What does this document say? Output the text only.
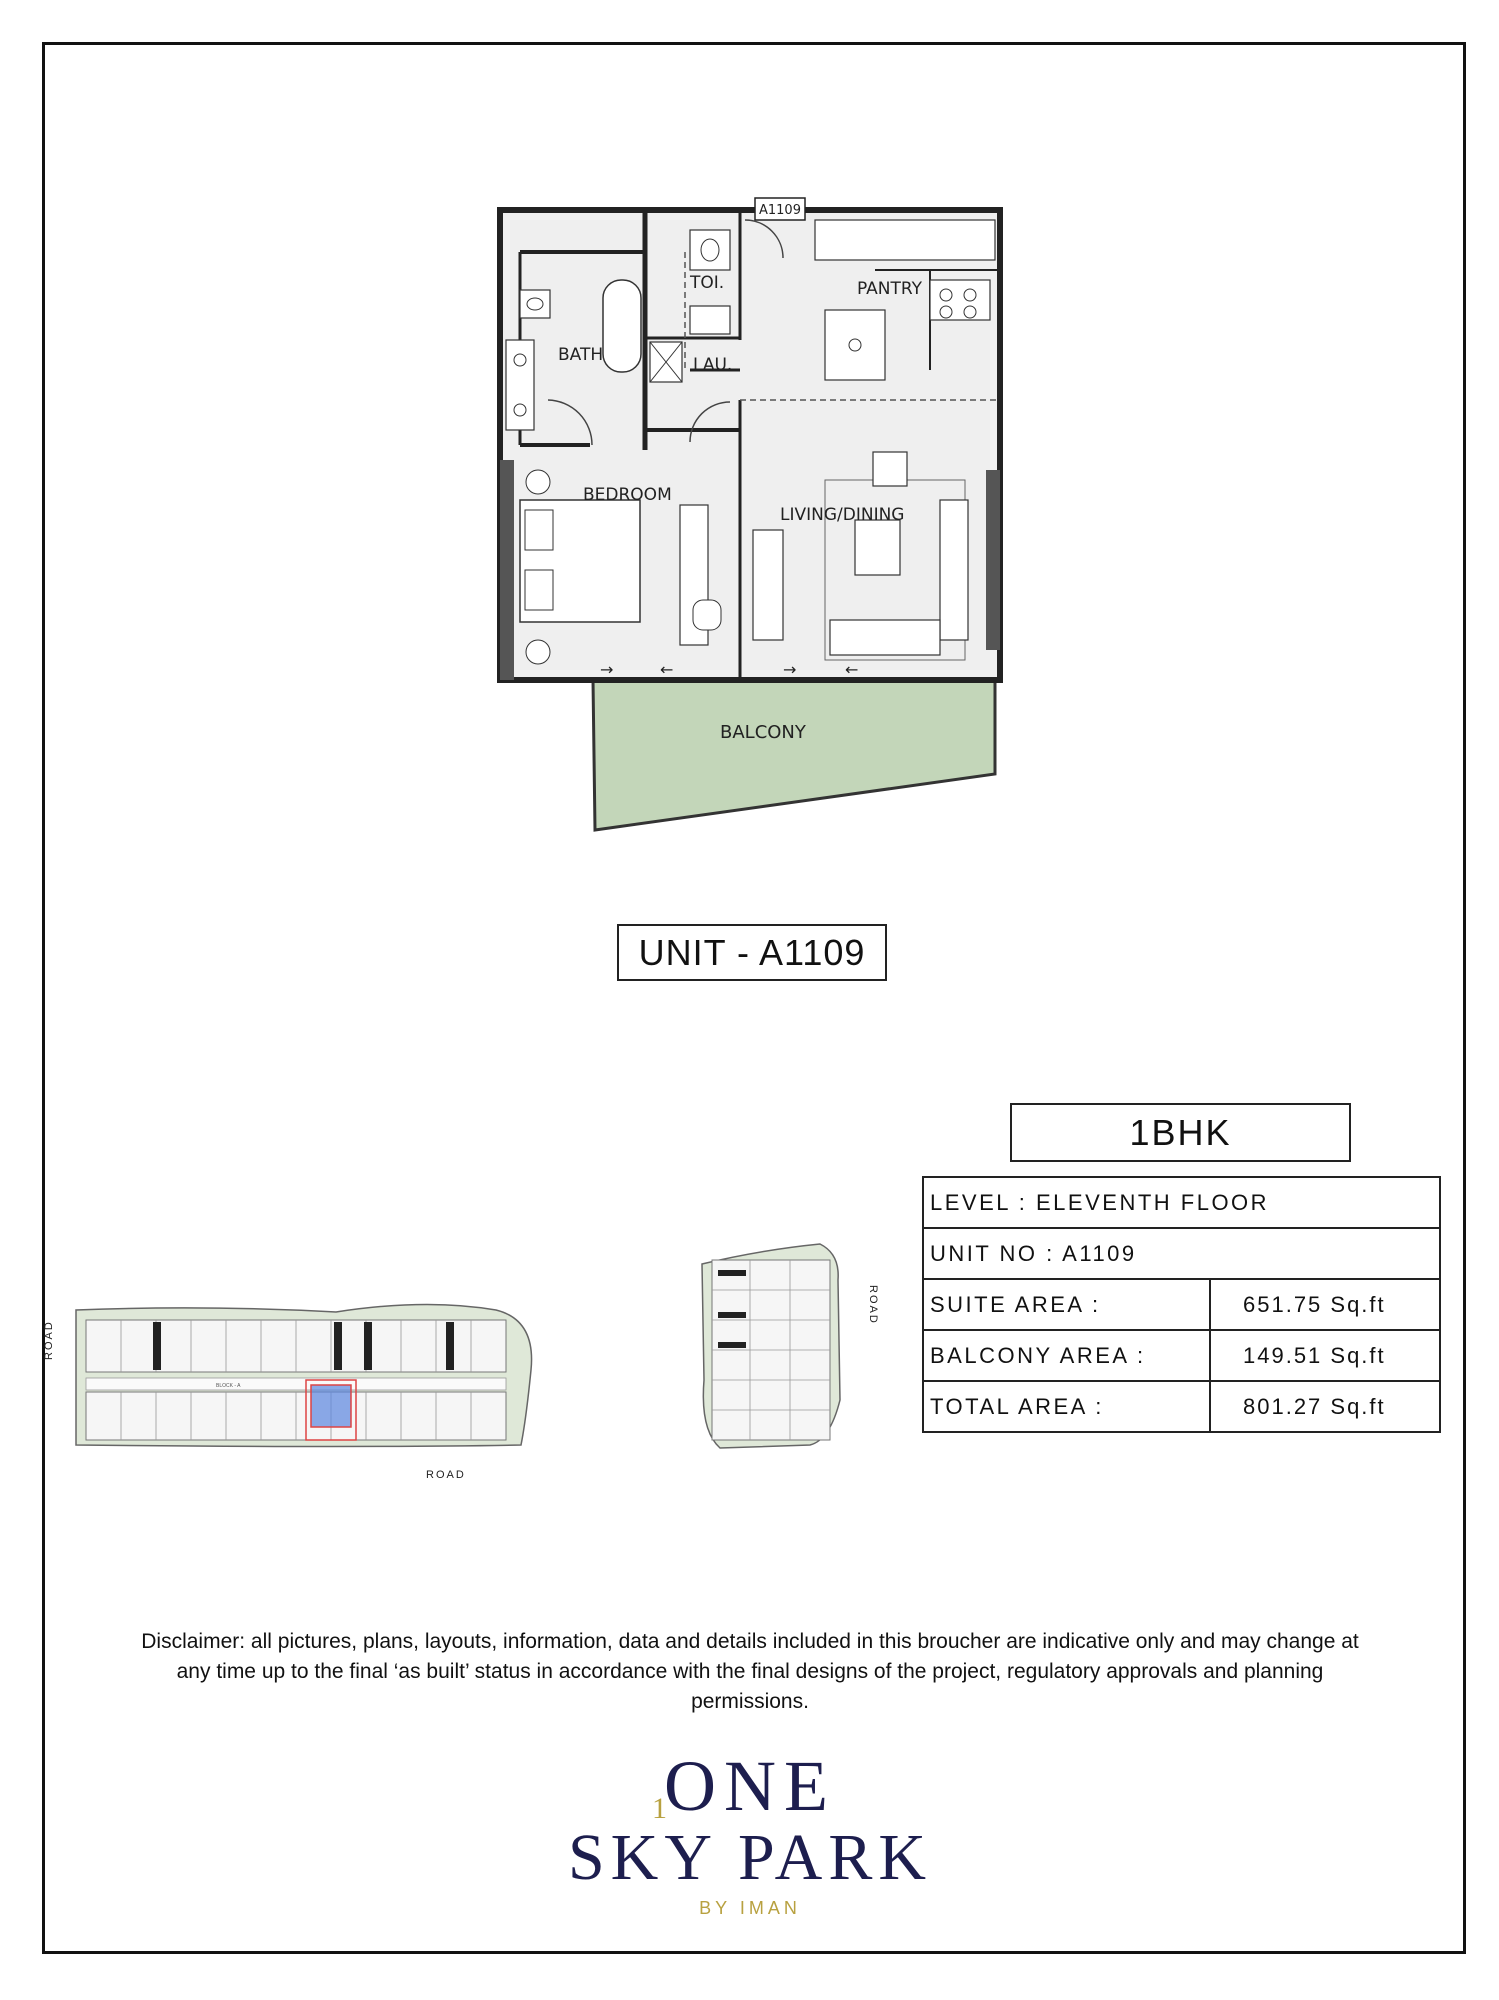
A1109
→	←	→	←
TOI.	PANTRY
BATH	LAU.
BEDROOM
LIVING/DINING
BALCONY
UNIT - A1109
1BHK
LEVEL : ELEVENTH FLOOR	
UNIT NO : A1109	
SUITE AREA :	651.75 Sq.ft
BALCONY AREA :	149.51 Sq.ft
TOTAL AREA :	801.27 Sq.ft
ROAD
BLOCK - A
ROAD
ROAD
Disclaimer: all pictures, plans, layouts, information, data and details included in this broucher are indicative only and may change at any time up to the final ‘as built’ status in accordance with the final designs of the project, regulatory approvals and planning permissions.
ONE
1
SKY PARK
BY IMAN
